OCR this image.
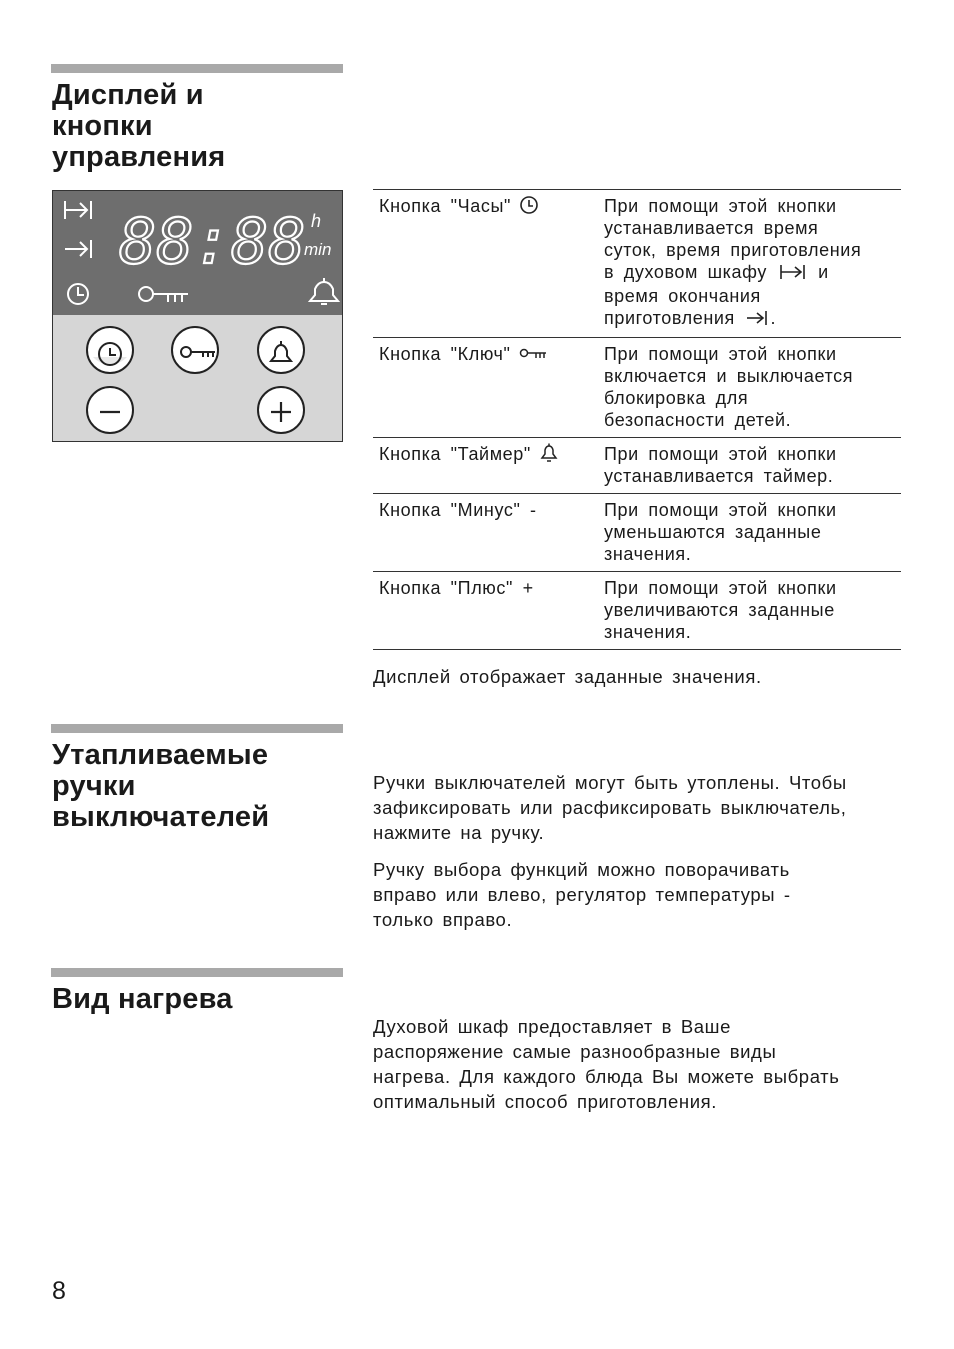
Дисплей и
кнопки
управления
88:88 h
min
Кнопка "Часы"	При помощи этой кнопки
устанавливается время
суток, время приготовления
в духовом шкафу	и
время окончания
приготовления .
Кнопка "Ключ"	При помощи этой кнопки
включается и выключается
блокировка для
безопасности детей.
Кнопка "Таймер"	При помощи этой кнопки
устанавливается таймер.
Кнопка "Минус" -	При помощи этой кнопки
уменьшаются заданные
значения.
Кнопка "Плюс" +	При помощи этой кнопки
увеличиваются заданные
значения.
Дисплей отображает заданные значения.
Утапливаемые
ручки
выключателей
Ручки выключателей могут быть утоплены. Чтобы
зафиксировать или расфиксировать выключатель,
нажмите на ручку.
Ручку выбора функций можно поворачивать
вправо или влево, регулятор температуры -
только вправо.
Вид нагрева
Духовой шкаф предоставляет в Ваше
распоряжение самые разнообразные виды
нагрева. Для каждого блюда Вы можете выбрать
оптимальный способ приготовления.
8
